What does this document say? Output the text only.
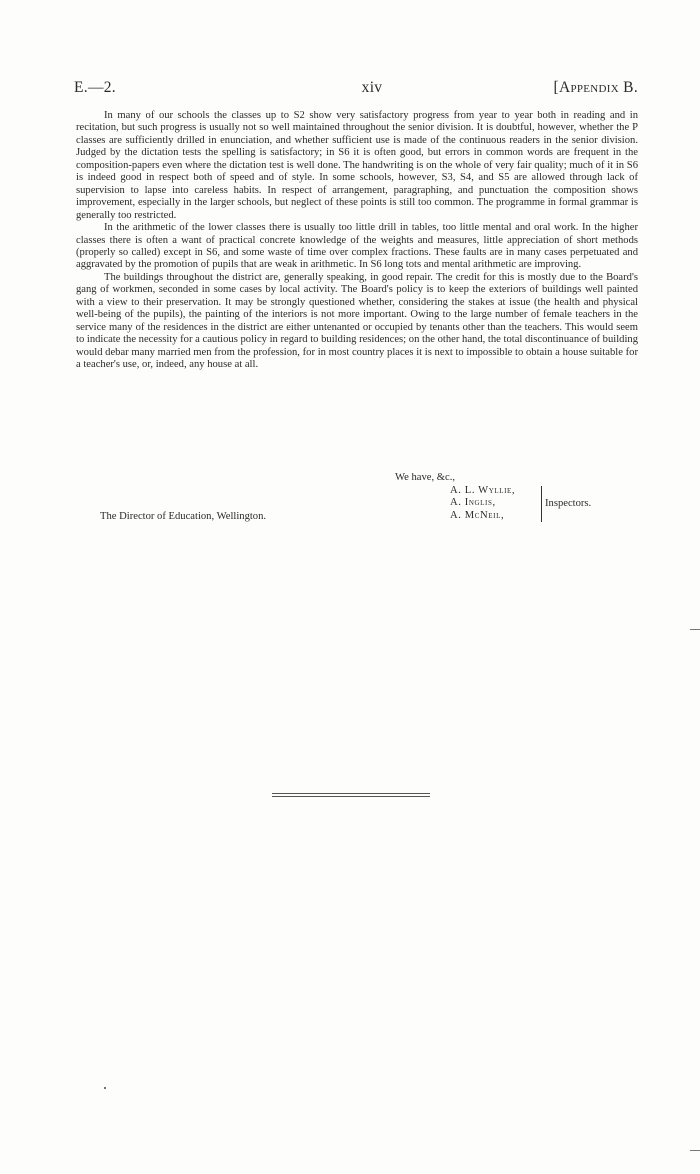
E.—2.	xiv	[Appendix B.

In many of our schools the classes up to S2 show very satisfactory progress from year to year both in reading and in recitation, but such progress is usually not so well maintained throughout the senior division. It is doubtful, however, whether the P classes are sufficiently drilled in enunciation, and whether sufficient use is made of the continuous readers in the senior division. Judged by the dictation tests the spelling is satisfactory; in S6 it is often good, but errors in common words are frequent in the composition-papers even where the dictation test is well done. The handwriting is on the whole of very fair quality; much of it in S6 is indeed good in respect both of speed and of style. In some schools, however, S3, S4, and S5 are allowed through lack of supervision to lapse into careless habits. In respect of arrangement, paragraphing, and punctuation the composition shows improvement, especially in the larger schools, but neglect of these points is still too common. The programme in formal grammar is generally too restricted.

In the arithmetic of the lower classes there is usually too little drill in tables, too little mental and oral work. In the higher classes there is often a want of practical concrete knowledge of the weights and measures, little appreciation of short methods (properly so called) except in S6, and some waste of time over complex fractions. These faults are in many cases perpetuated and aggravated by the promotion of pupils that are weak in arithmetic. In S6 long tots and mental arithmetic are improving.

The buildings throughout the district are, generally speaking, in good repair. The credit for this is mostly due to the Board's gang of workmen, seconded in some cases by local activity. The Board's policy is to keep the exteriors of buildings well painted with a view to their preservation. It may be strongly questioned whether, considering the stakes at issue (the health and physical well-being of the pupils), the painting of the interiors is not more important. Owing to the large number of female teachers in the service many of the residences in the district are either untenanted or occupied by tenants other than the teachers. This would seem to indicate the necessity for a cautious policy in regard to building residences; on the other hand, the total discontinuance of building would debar many married men from the profession, for in most country places it is next to impossible to obtain a house suitable for a teacher's use, or, indeed, any house at all.

We have, &c.,
A. L. Wyllie,
A. Inglis,
A. McNeil,
Inspectors.
The Director of Education, Wellington.
